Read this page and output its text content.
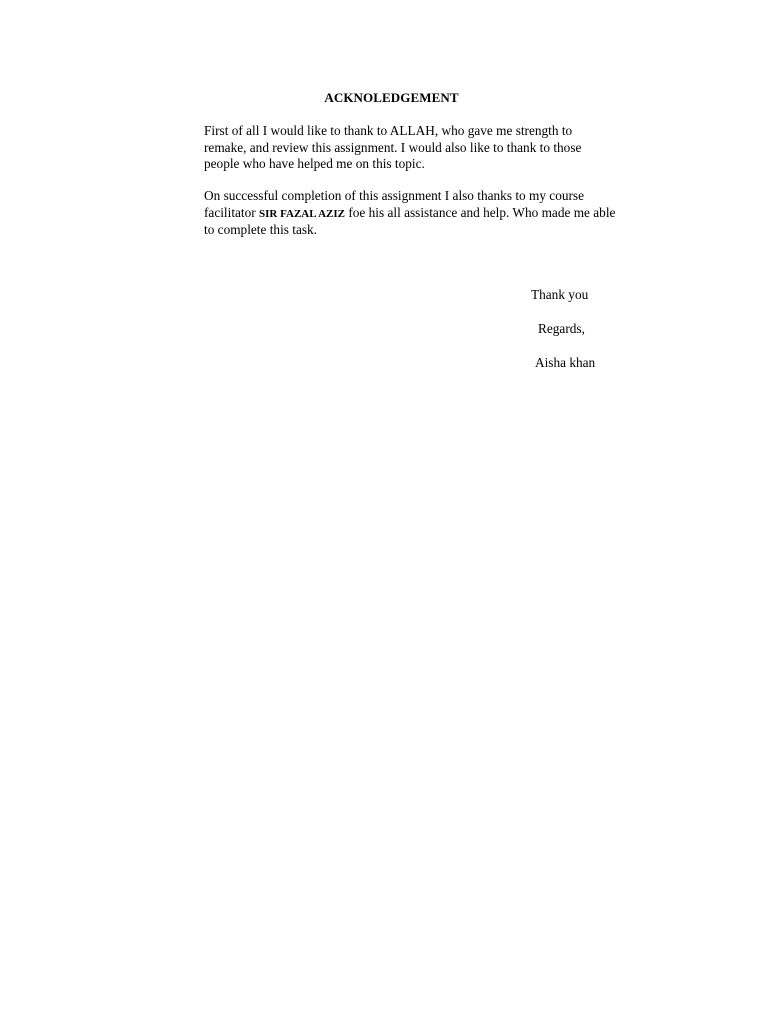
ACKNOLEDGEMENT

First of all I would like to thank to ALLAH, who gave me strength to
remake, and review this assignment. I would also like to thank to those
people who have helped me on this topic.

On successful completion of this assignment I also thanks to my course
facilitator SIR FAZAL AZIZ foe his all assistance and help. Who made me able
to complete this task.

Thank you
Regards,
Aisha khan
